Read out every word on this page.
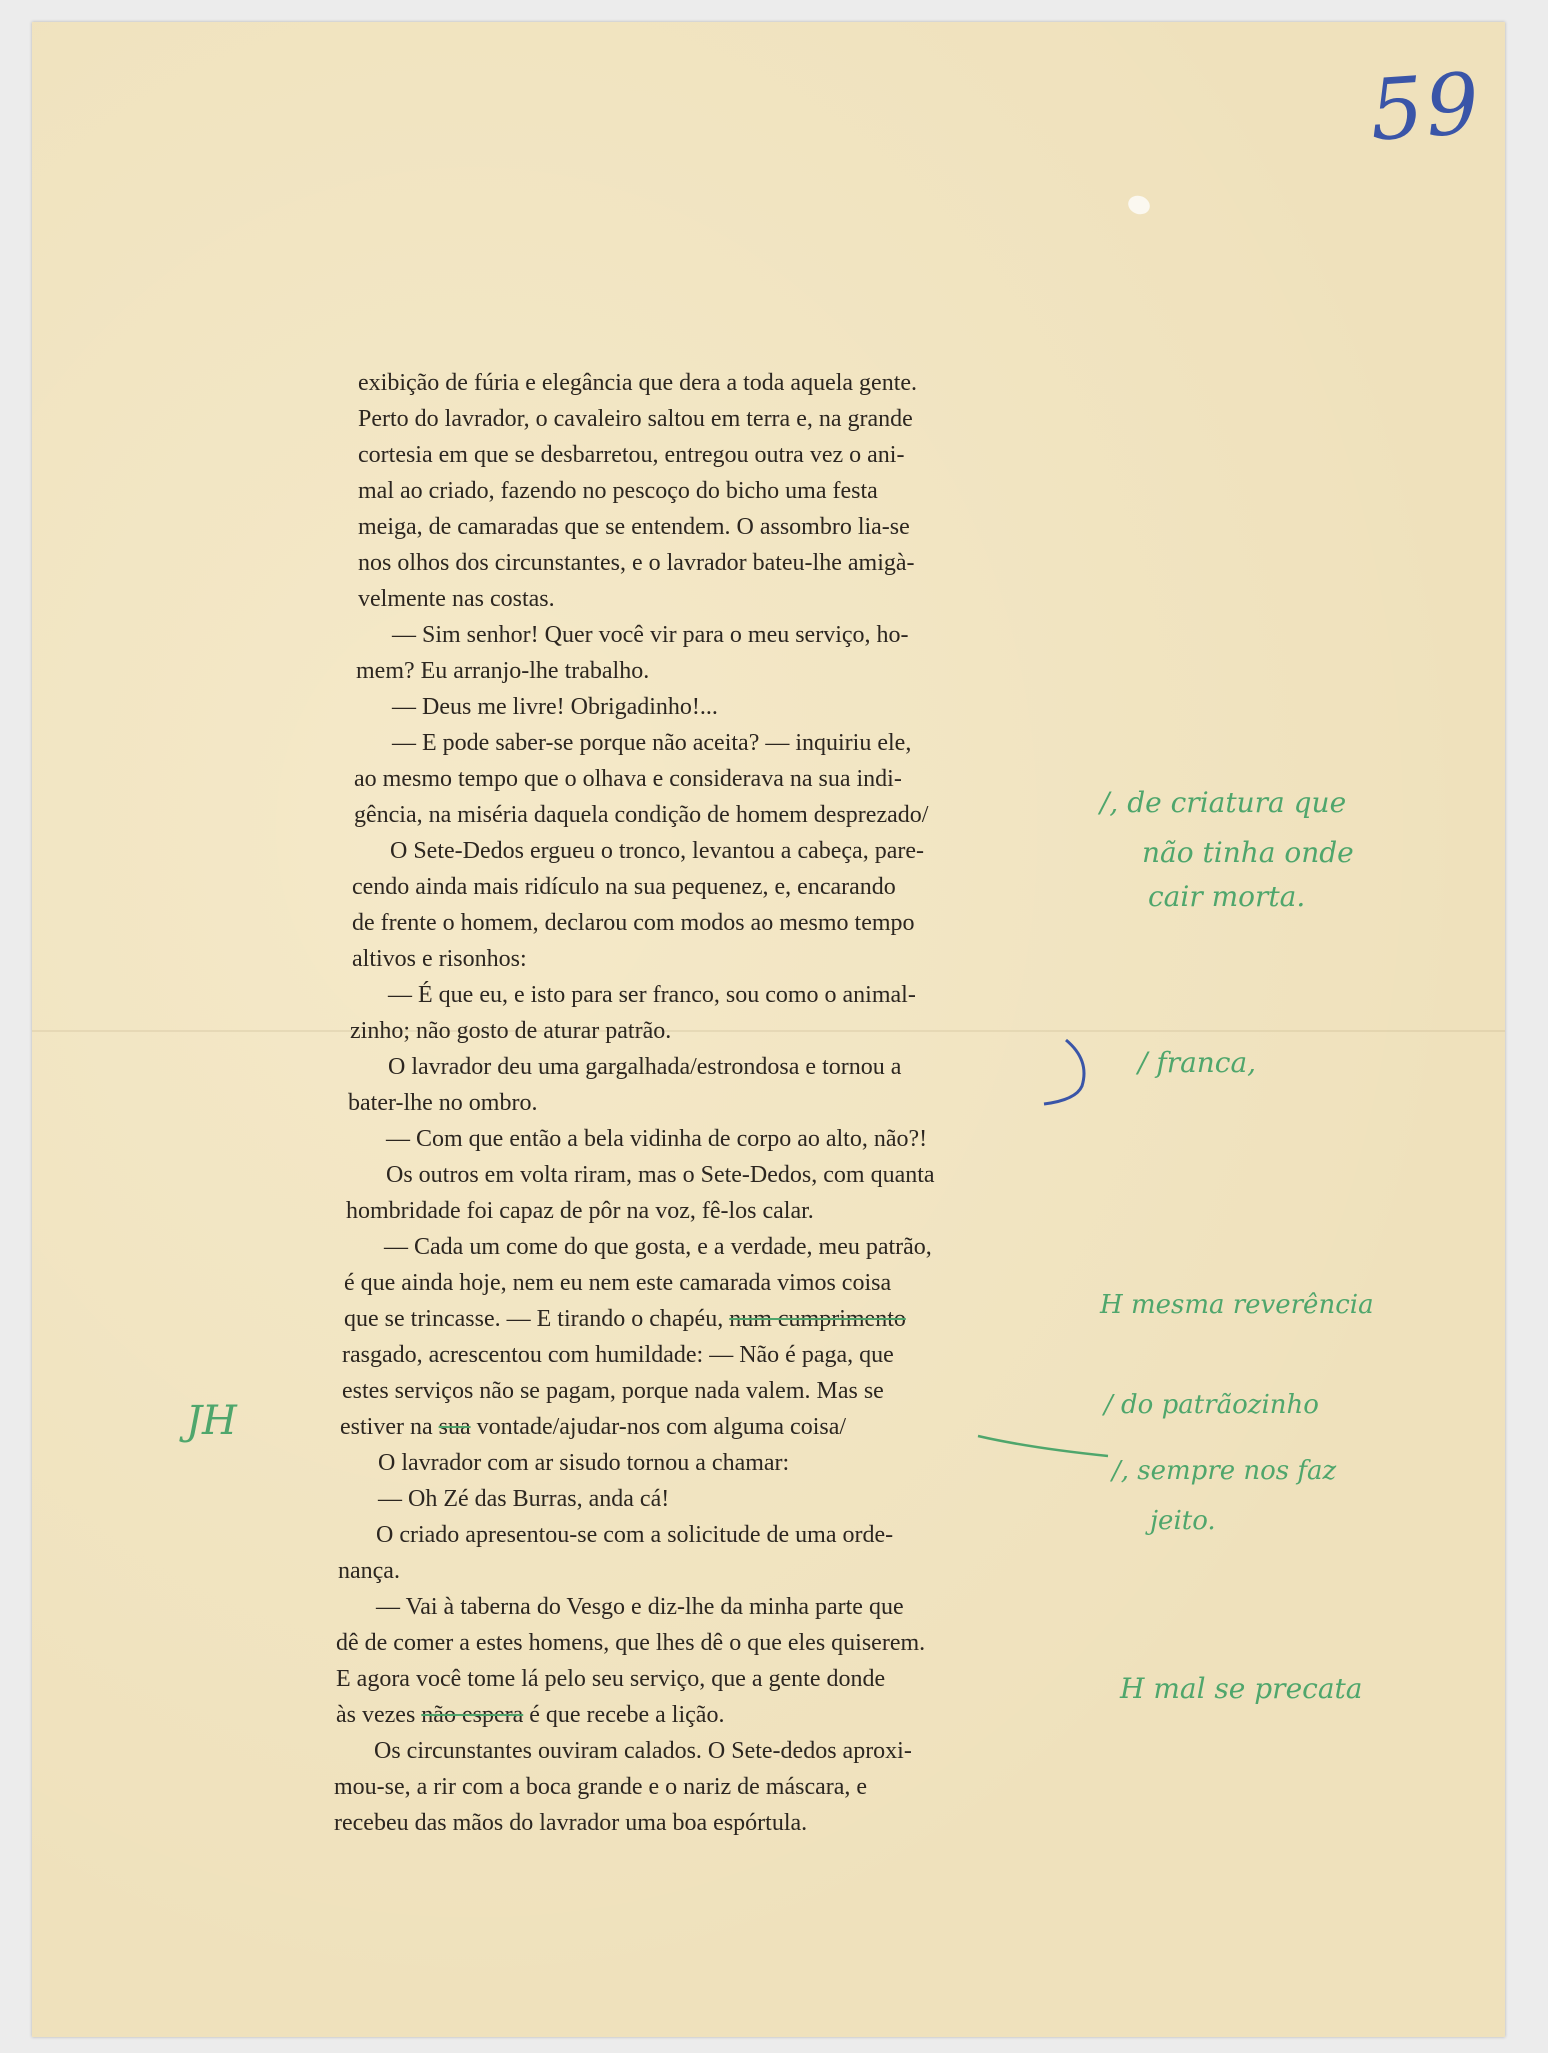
59
exibição de fúria e elegância que dera a toda aquela gente.
Perto do lavrador, o cavaleiro saltou em terra e, na grande
cortesia em que se desbarretou, entregou outra vez o ani-
mal ao criado, fazendo no pescoço do bicho uma festa
meiga, de camaradas que se entendem. O assombro lia-se
nos olhos dos circunstantes, e o lavrador bateu-lhe amigà-
velmente nas costas.
— Sim senhor! Quer você vir para o meu serviço, ho-
mem? Eu arranjo-lhe trabalho.
— Deus me livre! Obrigadinho!...
— E pode saber-se porque não aceita? — inquiriu ele,
ao mesmo tempo que o olhava e considerava na sua indi-
gência, na miséria daquela condição de homem desprezado/
O Sete-Dedos ergueu o tronco, levantou a cabeça, pare-
cendo ainda mais ridículo na sua pequenez, e, encarando
de frente o homem, declarou com modos ao mesmo tempo
altivos e risonhos:
— É que eu, e isto para ser franco, sou como o animal-
zinho; não gosto de aturar patrão.
O lavrador deu uma gargalhada/estrondosa e tornou a
bater-lhe no ombro.
— Com que então a bela vidinha de corpo ao alto, não?!
Os outros em volta riram, mas o Sete-Dedos, com quanta
hombridade foi capaz de pôr na voz, fê-los calar.
— Cada um come do que gosta, e a verdade, meu patrão,
é que ainda hoje, nem eu nem este camarada vimos coisa
que se trincasse. — E tirando o chapéu, num cumprimento
rasgado, acrescentou com humildade: — Não é paga, que
estes serviços não se pagam, porque nada valem. Mas se
estiver na sua vontade/ajudar-nos com alguma coisa/
O lavrador com ar sisudo tornou a chamar:
— Oh Zé das Burras, anda cá!
O criado apresentou-se com a solicitude de uma orde-
nança.
— Vai à taberna do Vesgo e diz-lhe da minha parte que
dê de comer a estes homens, que lhes dê o que eles quiserem.
E agora você tome lá pelo seu serviço, que a gente donde
às vezes não espera é que recebe a lição.
Os circunstantes ouviram calados. O Sete-dedos aproxi-
mou-se, a rir com a boca grande e o nariz de máscara, e
recebeu das mãos do lavrador uma boa espórtula.
/, de criatura que
não tinha onde
cair morta.
/ franca,
H mesma reverência
/ do patrãozinho
/, sempre nos faz
jeito.
H mal se precata
JH
